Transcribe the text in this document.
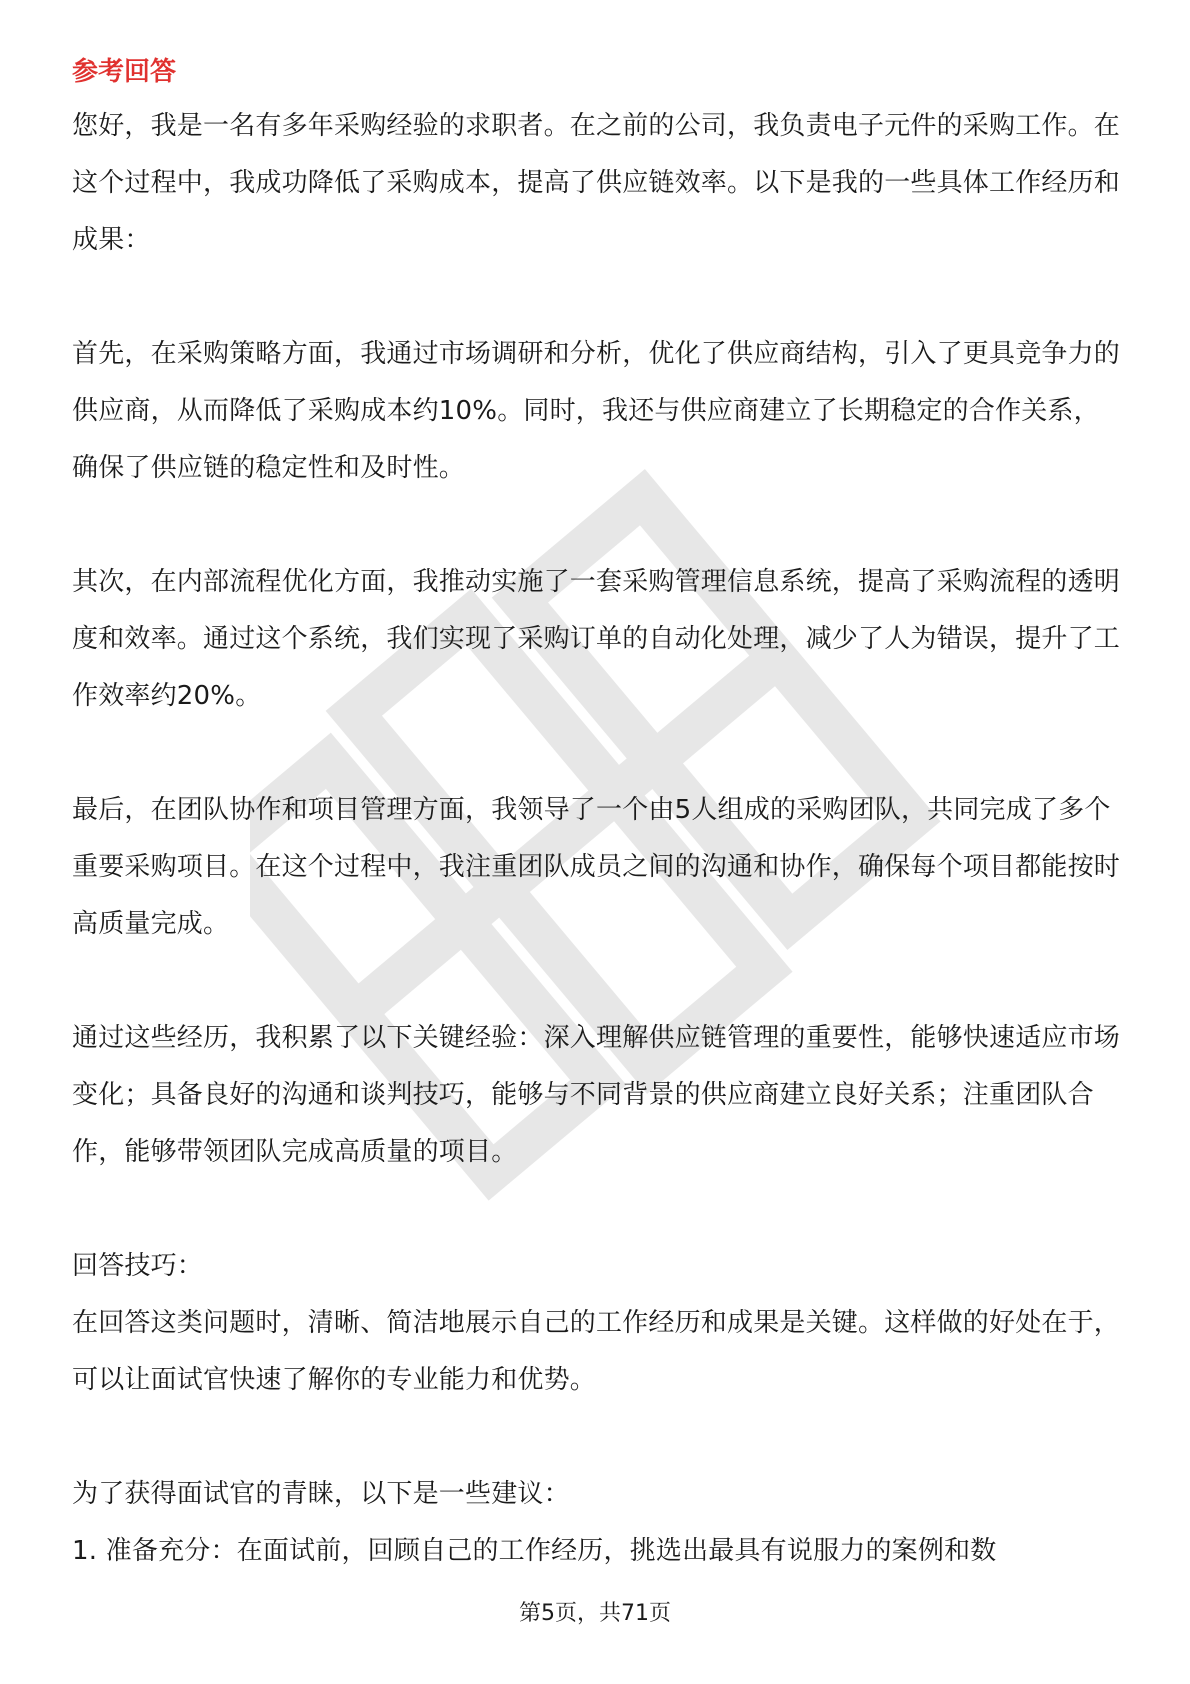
参考回答

您好，我是一名有多年采购经验的求职者。在之前的公司，我负责电子元件的采购工作。在这个过程中，我成功降低了采购成本，提高了供应链效率。以下是我的一些具体工作经历和成果：

首先，在采购策略方面，我通过市场调研和分析，优化了供应商结构，引入了更具竞争力的供应商，从而降低了采购成本约10%。同时，我还与供应商建立了长期稳定的合作关系，确保了供应链的稳定性和及时性。

其次，在内部流程优化方面，我推动实施了一套采购管理信息系统，提高了采购流程的透明度和效率。通过这个系统，我们实现了采购订单的自动化处理，减少了人为错误，提升了工作效率约20%。

最后，在团队协作和项目管理方面，我领导了一个由5人组成的采购团队，共同完成了多个重要采购项目。在这个过程中，我注重团队成员之间的沟通和协作，确保每个项目都能按时高质量完成。

通过这些经历，我积累了以下关键经验：深入理解供应链管理的重要性，能够快速适应市场变化；具备良好的沟通和谈判技巧，能够与不同背景的供应商建立良好关系；注重团队合作，能够带领团队完成高质量的项目。

回答技巧：

在回答这类问题时，清晰、简洁地展示自己的工作经历和成果是关键。这样做的好处在于，可以让面试官快速了解你的专业能力和优势。

为了获得面试官的青睐，以下是一些建议：

1. 准备充分：在面试前，回顾自己的工作经历，挑选出最具有说服力的案例和数

第5页，共71页
